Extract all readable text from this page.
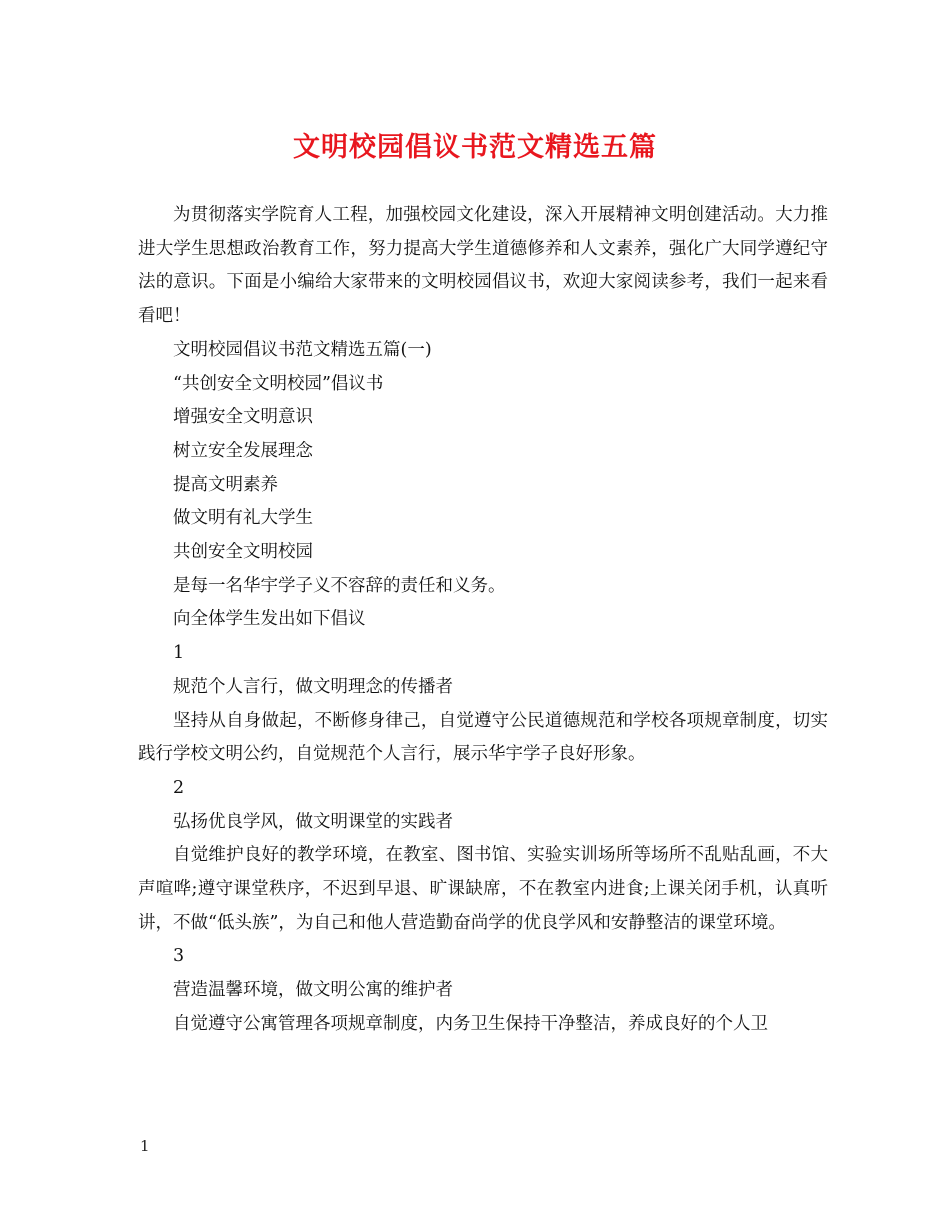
文明校园倡议书范文精选五篇

为贯彻落实学院育人工程，加强校园文化建设，深入开展精神文明创建活动。大力推进大学生思想政治教育工作，努力提高大学生道德修养和人文素养，强化广大同学遵纪守法的意识。下面是小编给大家带来的文明校园倡议书，欢迎大家阅读参考，我们一起来看看吧！

文明校园倡议书范文精选五篇(一)

“共创安全文明校园”倡议书

增强安全文明意识

树立安全发展理念

提高文明素养

做文明有礼大学生

共创安全文明校园

是每一名华宇学子义不容辞的责任和义务。

向全体学生发出如下倡议

1

规范个人言行，做文明理念的传播者

坚持从自身做起，不断修身律己，自觉遵守公民道德规范和学校各项规章制度，切实践行学校文明公约，自觉规范个人言行，展示华宇学子良好形象。

2

弘扬优良学风，做文明课堂的实践者

自觉维护良好的教学环境，在教室、图书馆、实验实训场所等场所不乱贴乱画，不大声喧哗;遵守课堂秩序，不迟到早退、旷课缺席，不在教室内进食;上课关闭手机，认真听讲，不做“低头族”，为自己和他人营造勤奋尚学的优良学风和安静整洁的课堂环境。

3

营造温馨环境，做文明公寓的维护者

自觉遵守公寓管理各项规章制度，内务卫生保持干净整洁，养成良好的个人卫

1
